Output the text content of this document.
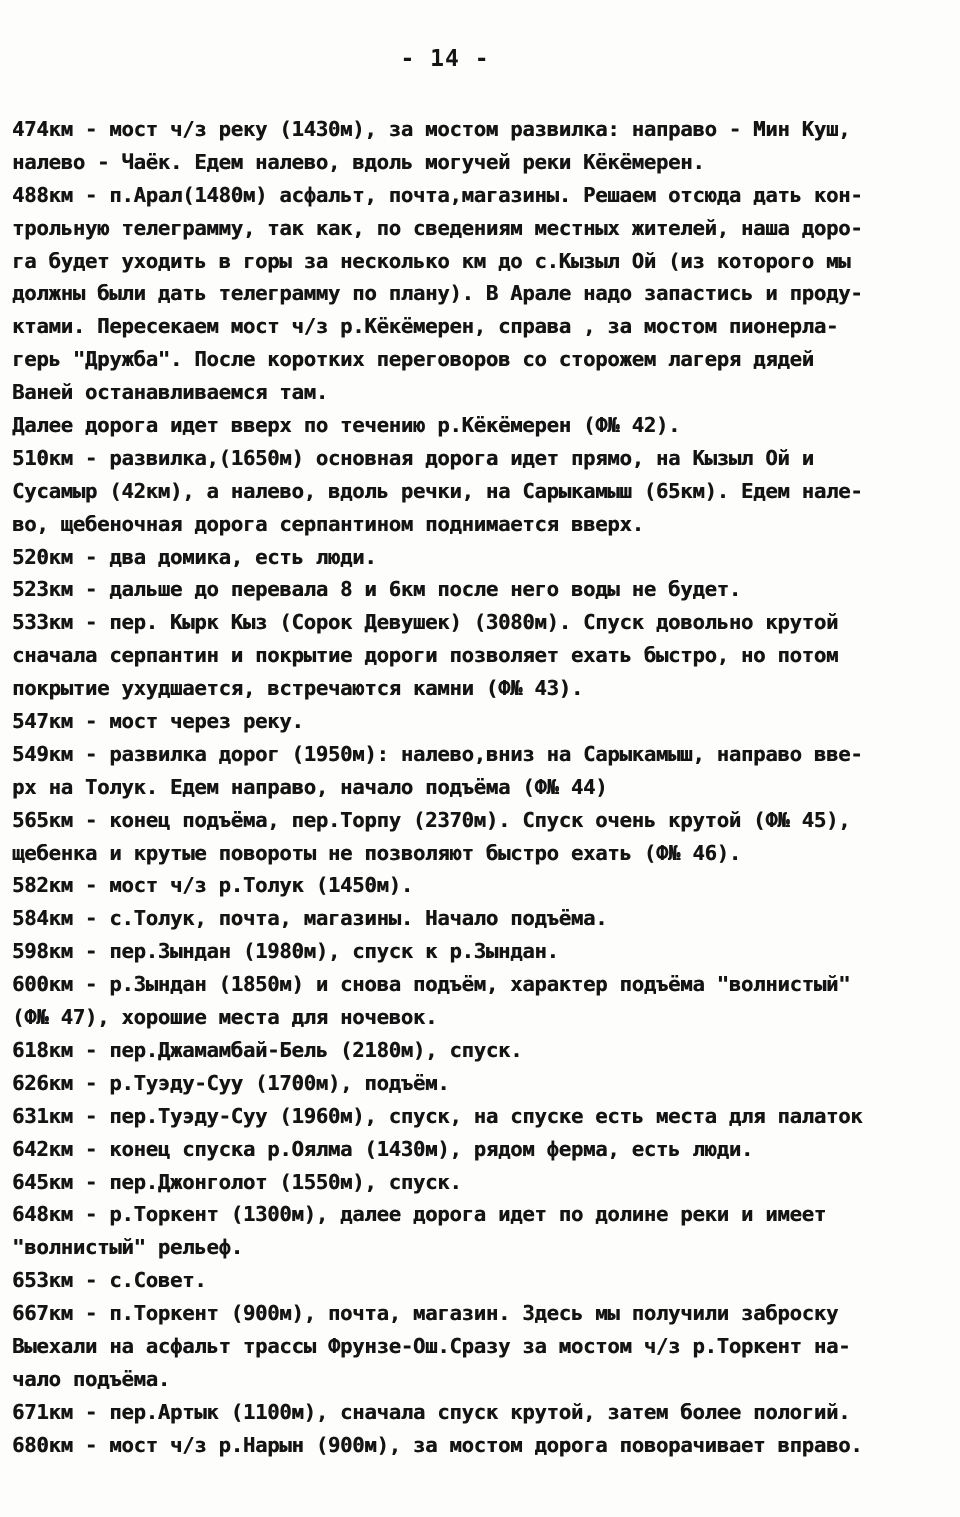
- 14 -
474км - мост ч/з реку (1430м), за мостом развилка: направо - Мин Куш,
налево - Чаёк. Едем налево, вдоль могучей реки Кёкёмерен.
488км - п.Арал(1480м) асфальт, почта,магазины. Решаем отсюда дать кон-
трольную телеграмму, так как, по сведениям местных жителей, наша доро-
га будет уходить в горы за несколько км до с.Кызыл Ой (из которого мы
должны были дать телеграмму по плану). В Арале надо запастись и проду-
ктами. Пересекаем мост ч/з р.Кёкёмерен, справа , за мостом пионерла-
герь "Дружба". После коротких переговоров со сторожем лагеря дядей
Ваней останавливаемся там.
Далее дорога идет вверх по течению р.Кёкёмерен (Ф№ 42).
510км - развилка,(1650м) основная дорога идет прямо, на Кызыл Ой и
Сусамыр (42км), а налево, вдоль речки, на Сарыкамыш (65км). Едем нале-
во, щебеночная дорога серпантином поднимается вверх.
520км - два домика, есть люди.
523км - дальше до перевала 8 и 6км после него воды не будет.
533км - пер. Кырк Кыз (Сорок Девушек) (3080м). Спуск довольно крутой
сначала серпантин и покрытие дороги позволяет ехать быстро, но потом
покрытие ухудшается, встречаются камни (Ф№ 43).
547км - мост через реку.
549км - развилка дорог (1950м): налево,вниз на Сарыкамыш, направо вве-
рх на Толук. Едем направо, начало подъёма (Ф№ 44)
565км - конец подъёма, пер.Торпу (2370м). Спуск очень крутой (Ф№ 45),
щебенка и крутые повороты не позволяют быстро ехать (Ф№ 46).
582км - мост ч/з р.Толук (1450м).
584км - с.Толук, почта, магазины. Начало подъёма.
598км - пер.Зындан (1980м), спуск к р.Зындан.
600км - р.Зындан (1850м) и снова подъём, характер подъёма "волнистый"
(Ф№ 47), хорошие места для ночевок.
618км - пер.Джамамбай-Бель (2180м), спуск.
626км - р.Туэду-Суу (1700м), подъём.
631км - пер.Туэду-Суу (1960м), спуск, на спуске есть места для палаток
642км - конец спуска р.Оялма (1430м), рядом ферма, есть люди.
645км - пер.Джонголот (1550м), спуск.
648км - р.Торкент (1300м), далее дорога идет по долине реки и имеет
"волнистый" рельеф.
653км - с.Совет.
667км - п.Торкент (900м), почта, магазин. Здесь мы получили заброску
Выехали на асфальт трассы Фрунзе-Ош.Сразу за мостом ч/з р.Торкент на-
чало подъёма.
671км - пер.Артык (1100м), сначала спуск крутой, затем более пологий.
680км - мост ч/з р.Нарын (900м), за мостом дорога поворачивает вправо.
